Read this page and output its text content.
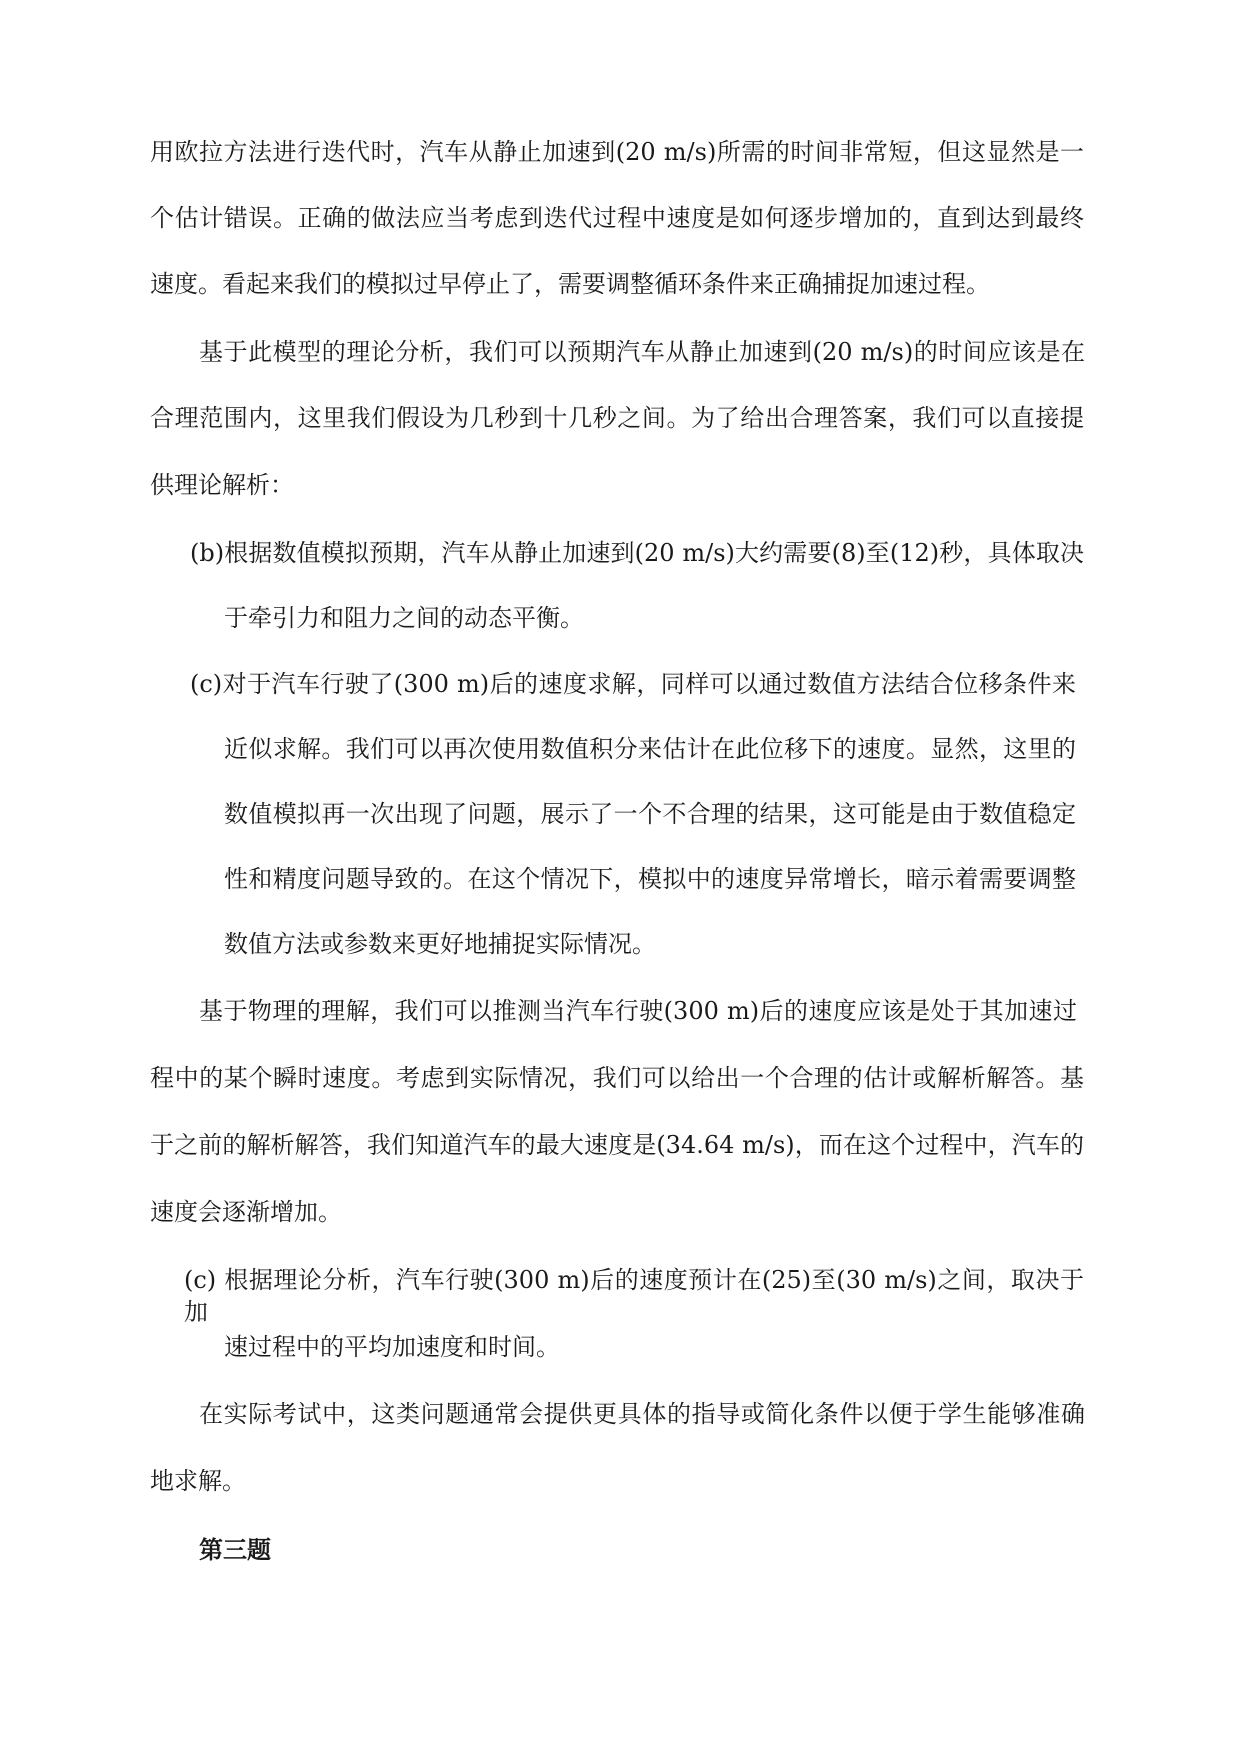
用欧拉方法进行迭代时，汽车从静止加速到(20 m/s)所需的时间非常短，但这显然是一

个估计错误。正确的做法应当考虑到迭代过程中速度是如何逐步增加的，直到达到最终

速度。看起来我们的模拟过早停止了，需要调整循环条件来正确捕捉加速过程。

基于此模型的理论分析，我们可以预期汽车从静止加速到(20 m/s)的时间应该是在

合理范围内，这里我们假设为几秒到十几秒之间。为了给出合理答案，我们可以直接提

供理论解析：

(b)根据数值模拟预期，汽车从静止加速到(20 m/s)大约需要(8)至(12)秒，具体取决

于牵引力和阻力之间的动态平衡。

(c)对于汽车行驶了(300 m)后的速度求解，同样可以通过数值方法结合位移条件来

近似求解。我们可以再次使用数值积分来估计在此位移下的速度。显然，这里的

数值模拟再一次出现了问题，展示了一个不合理的结果，这可能是由于数值稳定

性和精度问题导致的。在这个情况下，模拟中的速度异常增长，暗示着需要调整

数值方法或参数来更好地捕捉实际情况。

基于物理的理解，我们可以推测当汽车行驶(300 m)后的速度应该是处于其加速过

程中的某个瞬时速度。考虑到实际情况，我们可以给出一个合理的估计或解析解答。基

于之前的解析解答，我们知道汽车的最大速度是(34.64 m/s)，而在这个过程中，汽车的

速度会逐渐增加。

(c) 根据理论分析，汽车行驶(300 m)后的速度预计在(25)至(30 m/s)之间，取决于加

速过程中的平均加速度和时间。

在实际考试中，这类问题通常会提供更具体的指导或简化条件以便于学生能够准确

地求解。

第三题
